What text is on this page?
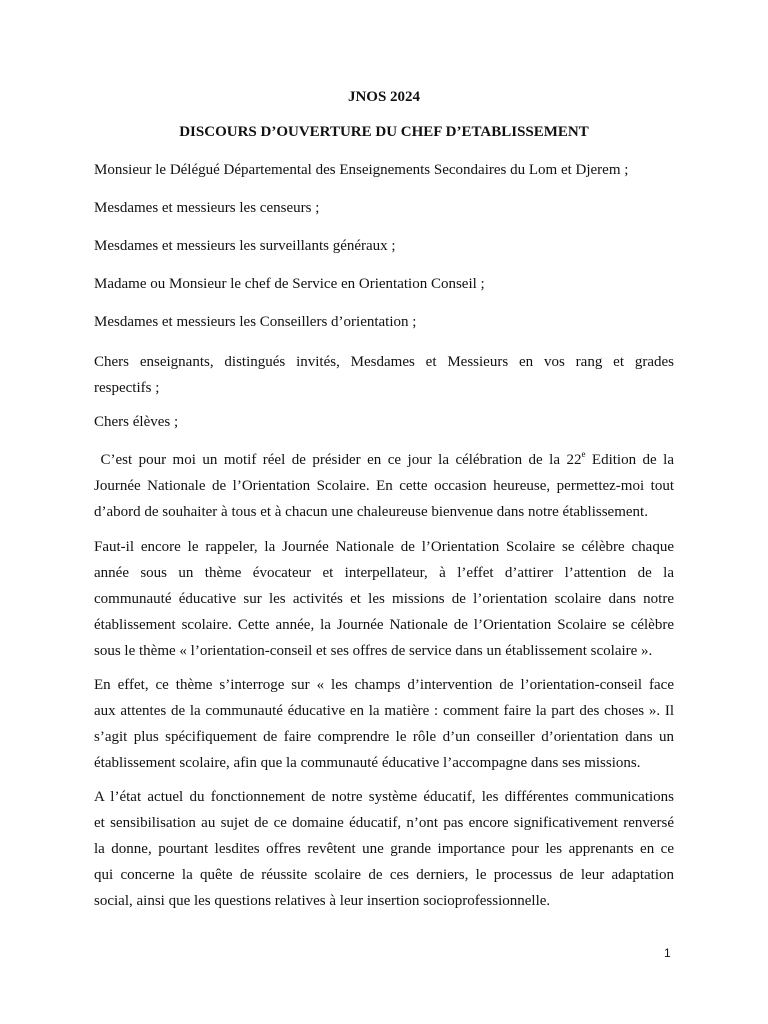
JNOS 2024

DISCOURS D’OUVERTURE DU CHEF D’ETABLISSEMENT

Monsieur le Délégué Départemental des Enseignements Secondaires du Lom et Djerem ;

Mesdames et messieurs les censeurs ;

Mesdames et messieurs les surveillants généraux ;

Madame ou Monsieur le chef de Service en Orientation Conseil ;

Mesdames et messieurs les Conseillers d’orientation ;

Chers enseignants, distingués invités, Mesdames et Messieurs en vos rang et grades
respectifs ;

Chers élèves ;

C’est pour moi un motif réel de présider en ce jour la célébration de la 22e Edition de la
Journée Nationale de l’Orientation Scolaire. En cette occasion heureuse, permettez-moi tout
d’abord de souhaiter à tous et à chacun une chaleureuse bienvenue dans notre établissement.

Faut-il encore le rappeler, la Journée Nationale de l’Orientation Scolaire se célèbre chaque
année sous un thème évocateur et interpellateur, à l’effet d’attirer l’attention de la
communauté éducative sur les activités et les missions de l’orientation scolaire dans notre
établissement scolaire. Cette année, la Journée Nationale de l’Orientation Scolaire se célèbre
sous le thème « l’orientation-conseil et ses offres de service dans un établissement scolaire ».

En effet, ce thème s’interroge sur « les champs d’intervention de l’orientation-conseil face
aux attentes de la communauté éducative en la matière : comment faire la part des choses ». Il
s’agit plus spécifiquement de faire comprendre le rôle d’un conseiller d’orientation dans un
établissement scolaire, afin que la communauté éducative l’accompagne dans ses missions.

A l’état actuel du fonctionnement de notre système éducatif, les différentes communications
et sensibilisation au sujet de ce domaine éducatif, n’ont pas encore significativement renversé
la donne, pourtant lesdites offres revêtent une grande importance pour les apprenants en ce
qui concerne la quête de réussite scolaire de ces derniers, le processus de leur adaptation
social, ainsi que les questions relatives à leur insertion socioprofessionnelle.

1
